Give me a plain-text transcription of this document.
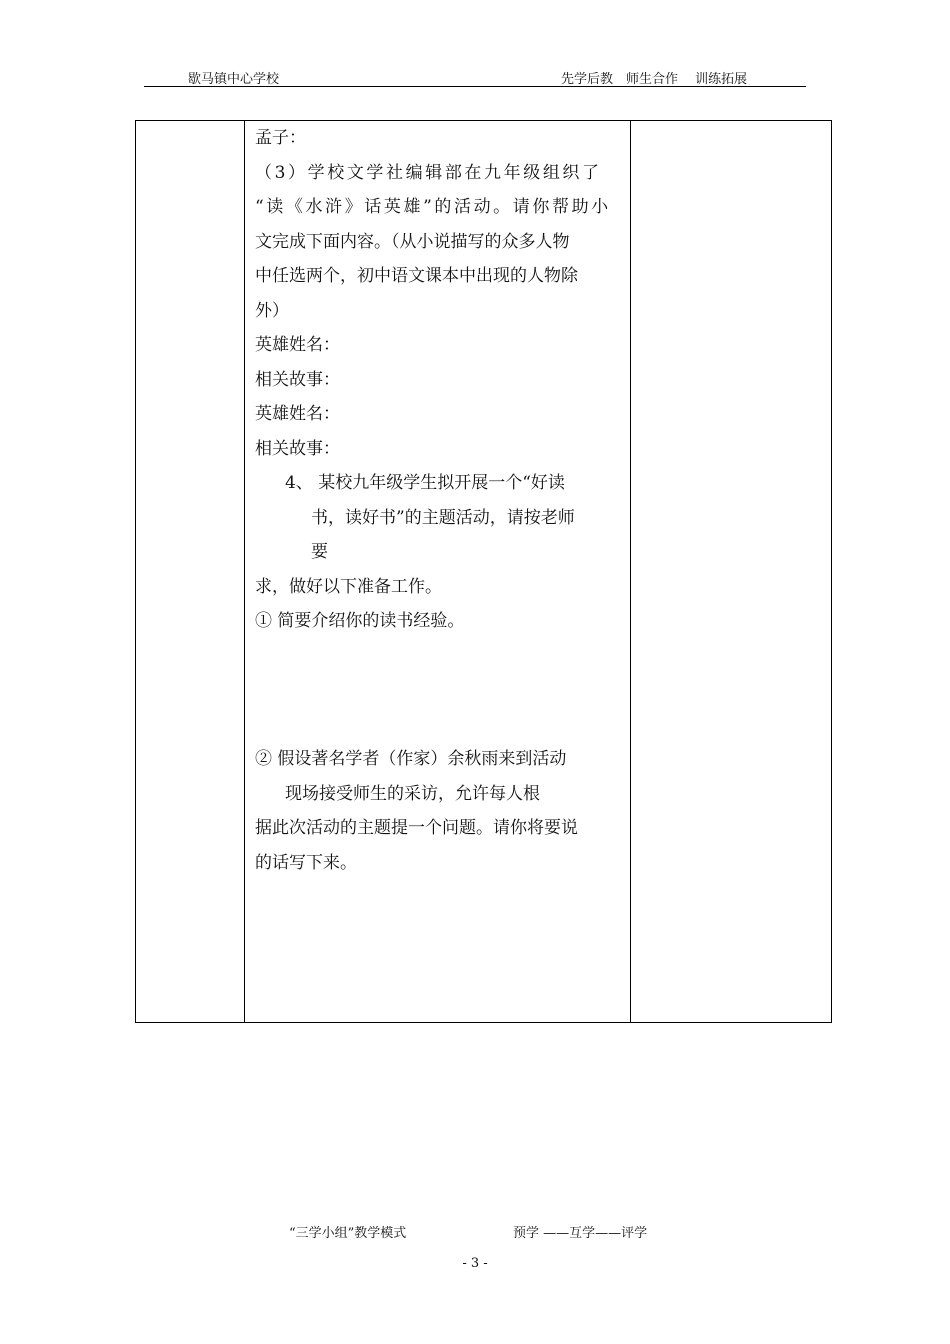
歇马镇中心学校	先学后教　师生合作　 训练拓展
孟子：
（3）学校文学社编辑部在九年级组织了
“读《水浒》话英雄”的活动。请你帮助小
文完成下面内容。（从小说描写的众多人物
中任选两个，初中语文课本中出现的人物除
外）
英雄姓名：
相关故事：
英雄姓名：
相关故事：
4、 某校九年级学生拟开展一个“好读
书，读好书”的主题活动，请按老师
要
求，做好以下准备工作。
① 简要介绍你的读书经验。
② 假设著名学者（作家）余秋雨来到活动
现场接受师生的采访，允许每人根
据此次活动的主题提一个问题。请你将要说
的话写下来。
“三学小组”教学模式	预学 ——互学——评学
- 3 -
